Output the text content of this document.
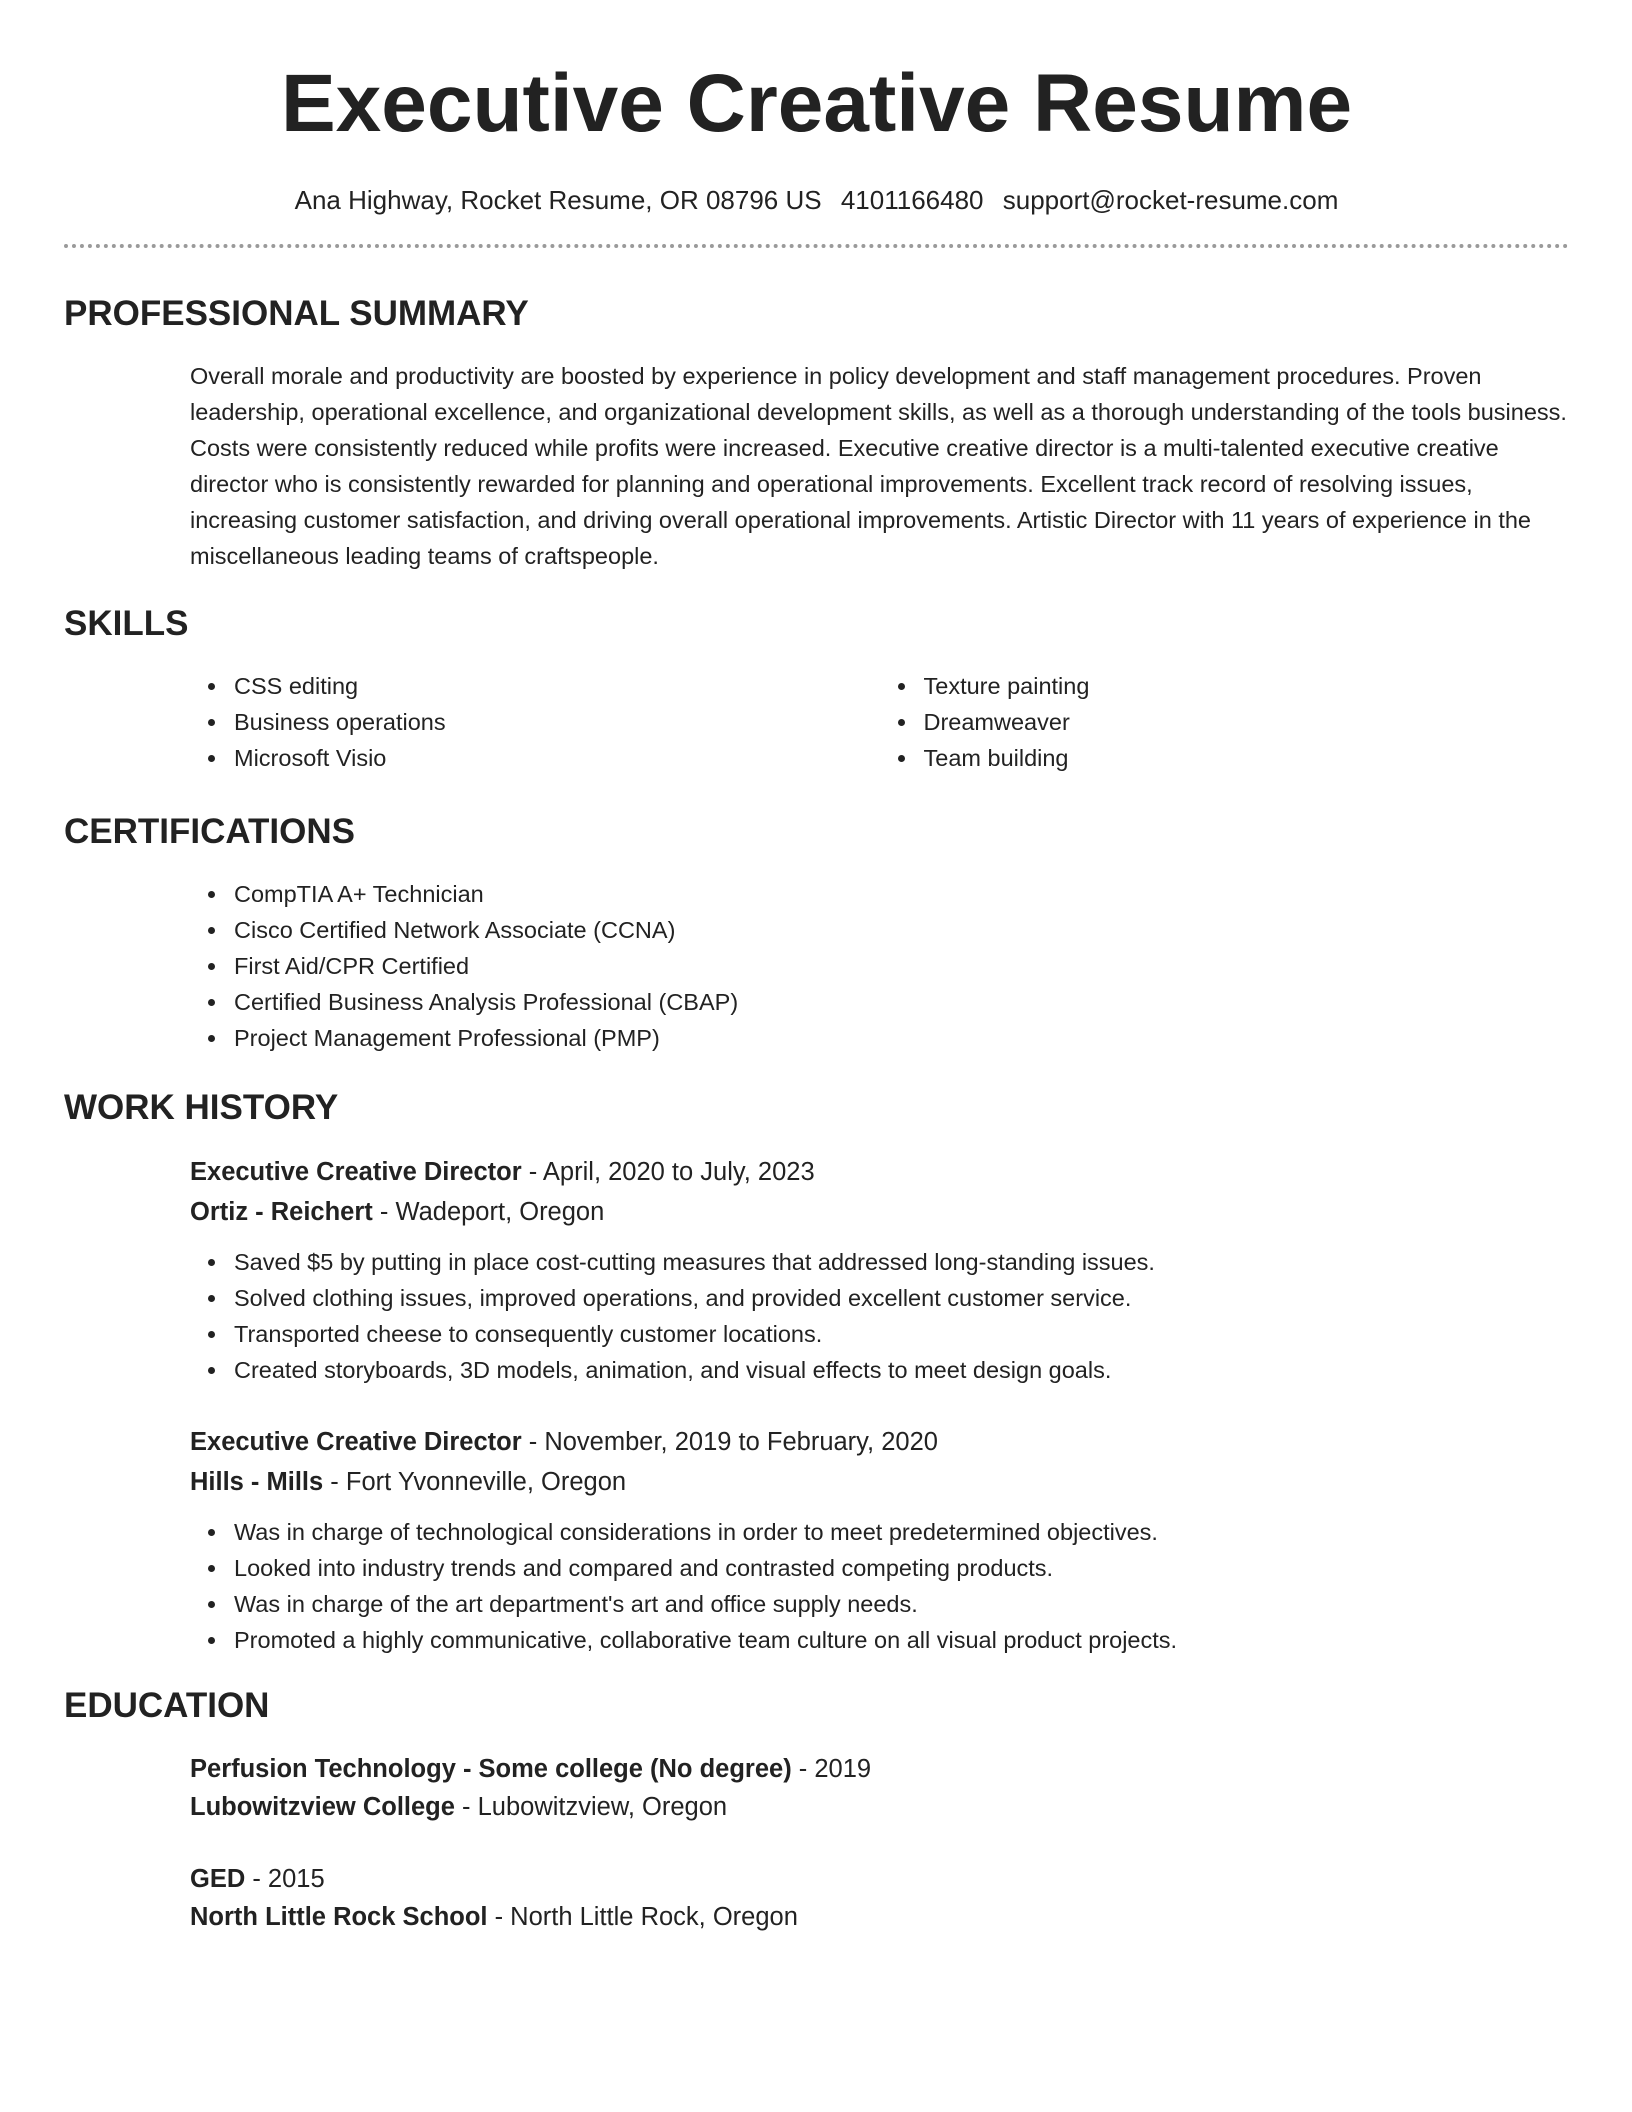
Executive Creative Resume
Ana Highway, Rocket Resume, OR 08796 US 4101166480 support@rocket-resume.com
PROFESSIONAL SUMMARY
Overall morale and productivity are boosted by experience in policy development and staff management procedures. Proven leadership, operational excellence, and organizational development skills, as well as a thorough understanding of the tools business. Costs were consistently reduced while profits were increased. Executive creative director is a multi-talented executive creative director who is consistently rewarded for planning and operational improvements. Excellent track record of resolving issues, increasing customer satisfaction, and driving overall operational improvements. Artistic Director with 11 years of experience in the miscellaneous leading teams of craftspeople.
SKILLS
CSS editing
Business operations
Microsoft Visio
Texture painting
Dreamweaver
Team building
CERTIFICATIONS
CompTIA A+ Technician
Cisco Certified Network Associate (CCNA)
First Aid/CPR Certified
Certified Business Analysis Professional (CBAP)
Project Management Professional (PMP)
WORK HISTORY
Executive Creative Director - April, 2020 to July, 2023
Ortiz - Reichert - Wadeport, Oregon
Saved $5 by putting in place cost-cutting measures that addressed long-standing issues.
Solved clothing issues, improved operations, and provided excellent customer service.
Transported cheese to consequently customer locations.
Created storyboards, 3D models, animation, and visual effects to meet design goals.
Executive Creative Director - November, 2019 to February, 2020
Hills - Mills - Fort Yvonneville, Oregon
Was in charge of technological considerations in order to meet predetermined objectives.
Looked into industry trends and compared and contrasted competing products.
Was in charge of the art department's art and office supply needs.
Promoted a highly communicative, collaborative team culture on all visual product projects.
EDUCATION
Perfusion Technology - Some college (No degree) - 2019
Lubowitzview College - Lubowitzview, Oregon
GED - 2015
North Little Rock School - North Little Rock, Oregon
